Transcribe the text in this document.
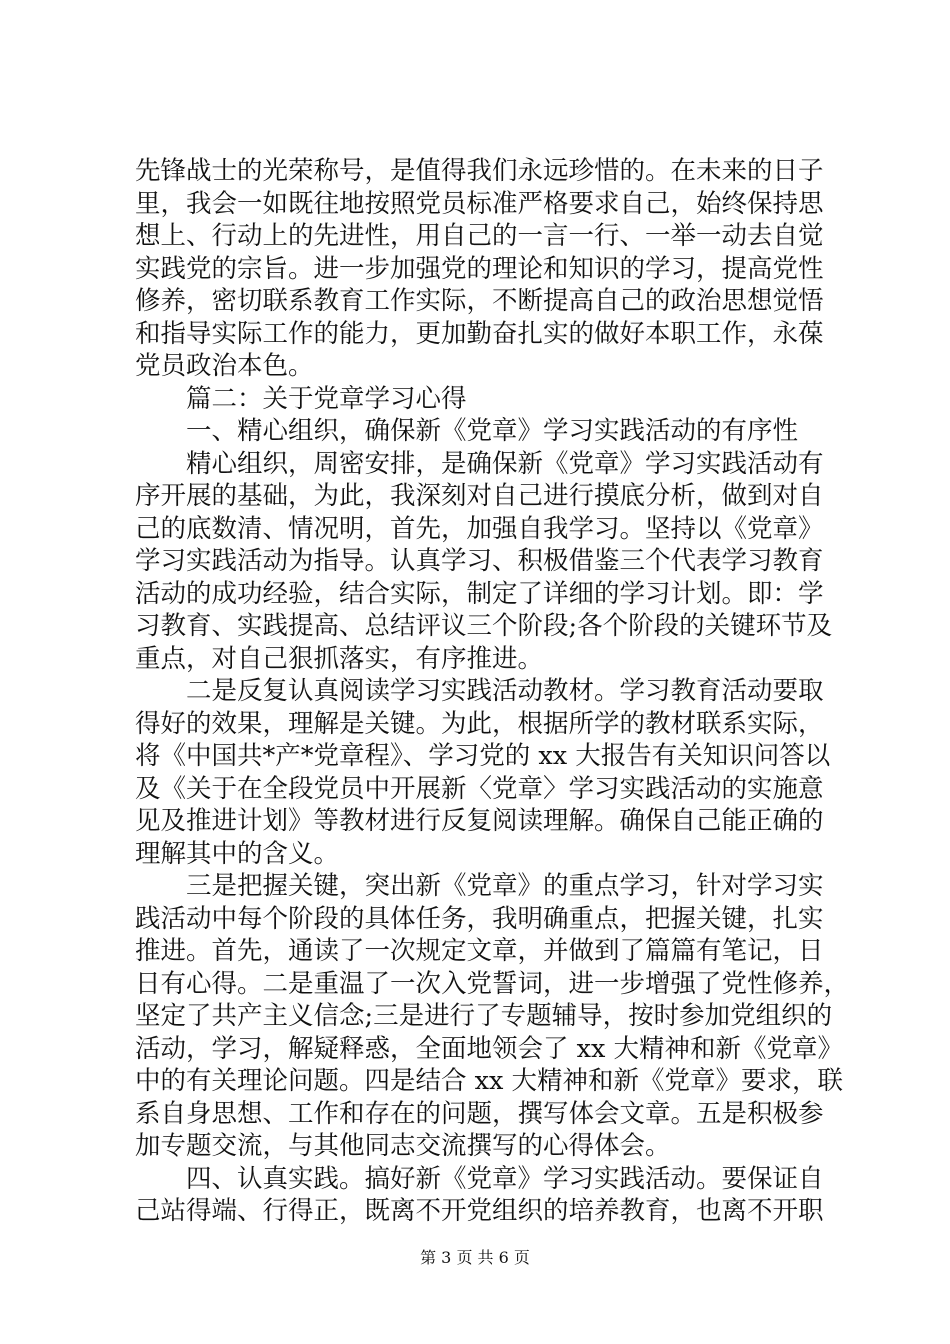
先锋战士的光荣称号，是值得我们永远珍惜的。在未来的日子
里，我会一如既往地按照党员标准严格要求自己，始终保持思
想上、行动上的先进性，用自己的一言一行、一举一动去自觉
实践党的宗旨。进一步加强党的理论和知识的学习，提高党性
修养，密切联系教育工作实际，不断提高自己的政治思想觉悟
和指导实际工作的能力，更加勤奋扎实的做好本职工作，永葆
党员政治本色。
篇二：关于党章学习心得
一、精心组织，确保新《党章》学习实践活动的有序性
精心组织，周密安排，是确保新《党章》学习实践活动有
序开展的基础，为此，我深刻对自己进行摸底分析，做到对自
己的底数清、情况明，首先，加强自我学习。坚持以《党章》
学习实践活动为指导。认真学习、积极借鉴三个代表学习教育
活动的成功经验，结合实际，制定了详细的学习计划。即：学
习教育、实践提高、总结评议三个阶段;各个阶段的关键环节及
重点，对自己狠抓落实，有序推进。
二是反复认真阅读学习实践活动教材。学习教育活动要取
得好的效果，理解是关键。为此，根据所学的教材联系实际，
将《中国共*产*党章程》、学习党的 xx 大报告有关知识问答以
及《关于在全段党员中开展新〈党章〉学习实践活动的实施意
见及推进计划》等教材进行反复阅读理解。确保自己能正确的
理解其中的含义。
三是把握关键，突出新《党章》的重点学习，针对学习实
践活动中每个阶段的具体任务，我明确重点，把握关键，扎实
推进。首先，通读了一次规定文章，并做到了篇篇有笔记，日
日有心得。二是重温了一次入党誓词，进一步增强了党性修养，
坚定了共产主义信念;三是进行了专题辅导，按时参加党组织的
活动，学习，解疑释惑，全面地领会了 xx 大精神和新《党章》
中的有关理论问题。四是结合 xx 大精神和新《党章》要求，联
系自身思想、工作和存在的问题，撰写体会文章。五是积极参
加专题交流，与其他同志交流撰写的心得体会。
四、认真实践。搞好新《党章》学习实践活动。要保证自
己站得端、行得正，既离不开党组织的培养教育，也离不开职
第 3 页 共 6 页
